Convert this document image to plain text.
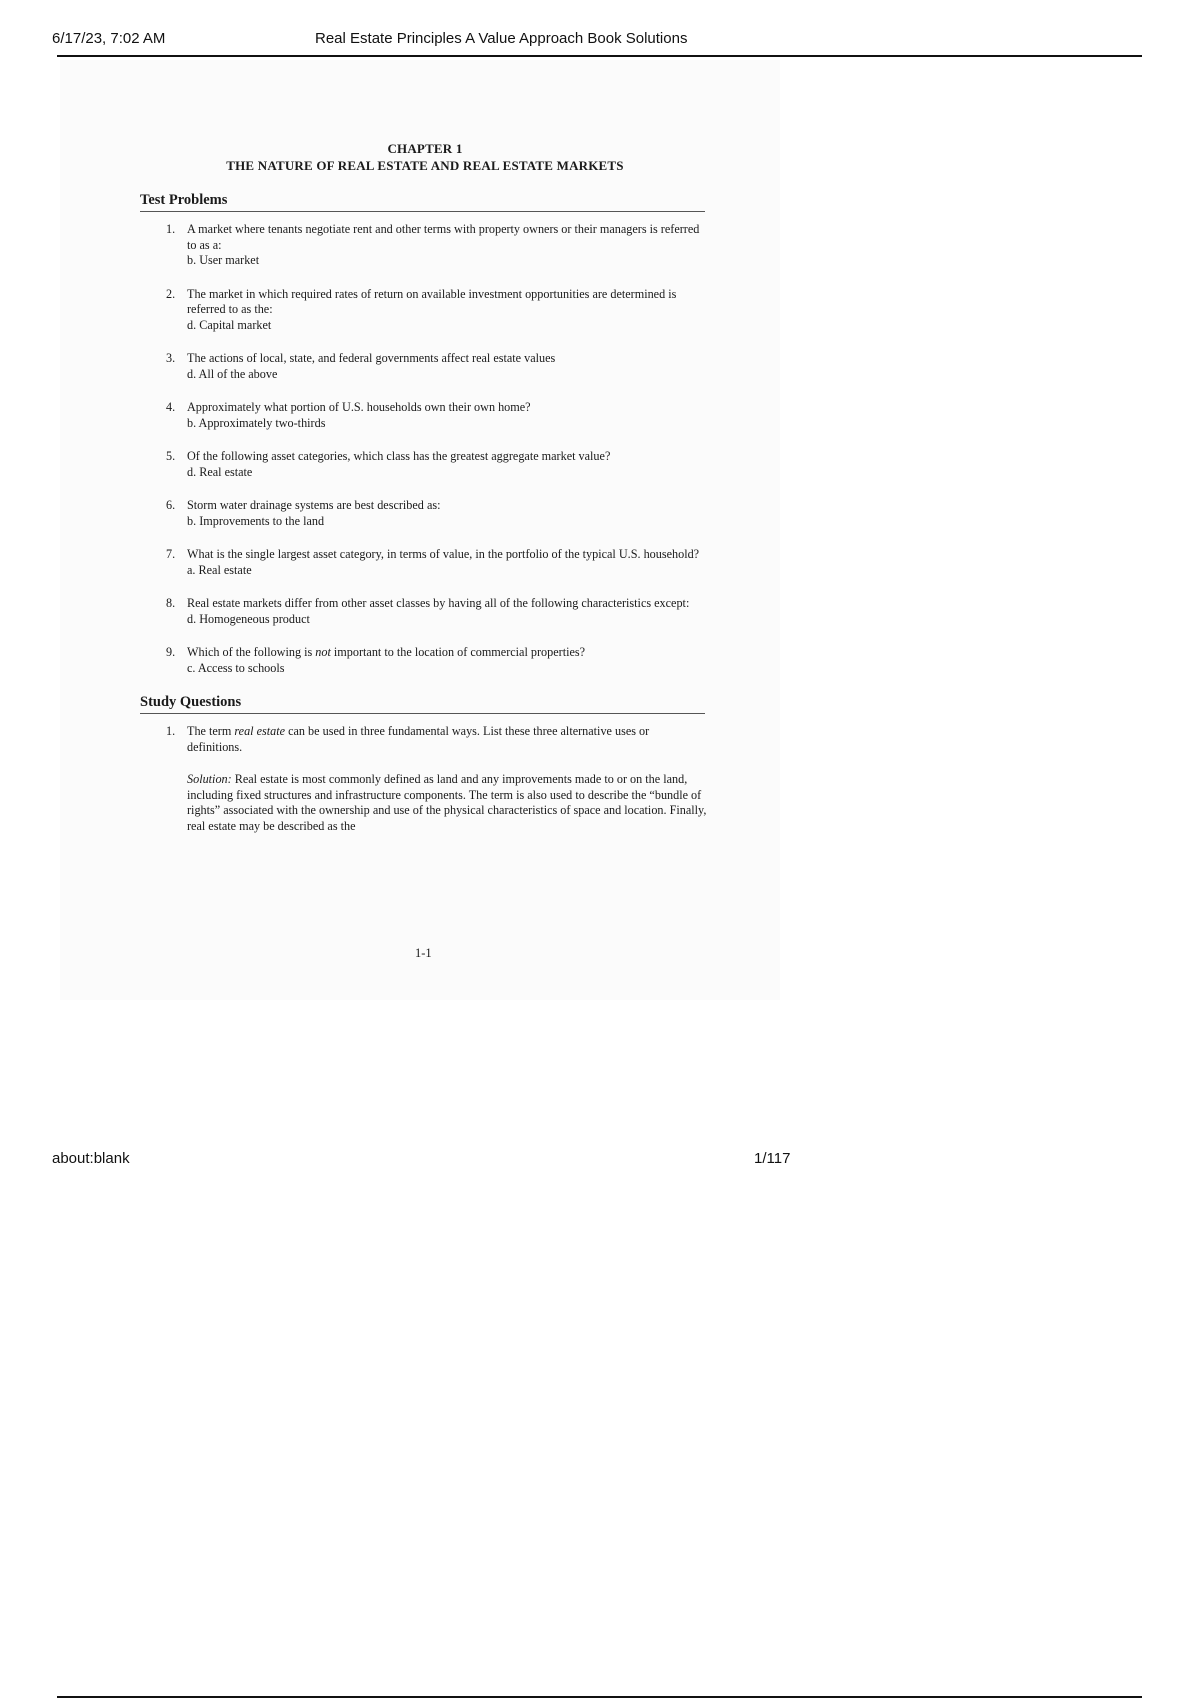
6/17/23, 7:02 AM	Real Estate Principles A Value Approach Book Solutions
CHAPTER 1
THE NATURE OF REAL ESTATE AND REAL ESTATE MARKETS
Test Problems
1. A market where tenants negotiate rent and other terms with property owners or their managers is referred to as a:
b. User market
2. The market in which required rates of return on available investment opportunities are determined is referred to as the:
d. Capital market
3. The actions of local, state, and federal governments affect real estate values
d. All of the above
4. Approximately what portion of U.S. households own their own home?
b. Approximately two-thirds
5. Of the following asset categories, which class has the greatest aggregate market value?
d. Real estate
6. Storm water drainage systems are best described as:
b. Improvements to the land
7. What is the single largest asset category, in terms of value, in the portfolio of the typical U.S. household?
a. Real estate
8. Real estate markets differ from other asset classes by having all of the following characteristics except:
d. Homogeneous product
9. Which of the following is not important to the location of commercial properties?
c. Access to schools
Study Questions
1. The term real estate can be used in three fundamental ways. List these three alternative uses or definitions.
Solution: Real estate is most commonly defined as land and any improvements made to or on the land, including fixed structures and infrastructure components. The term is also used to describe the “bundle of rights” associated with the ownership and use of the physical characteristics of space and location. Finally, real estate may be described as the
1-1
about:blank	1/117
